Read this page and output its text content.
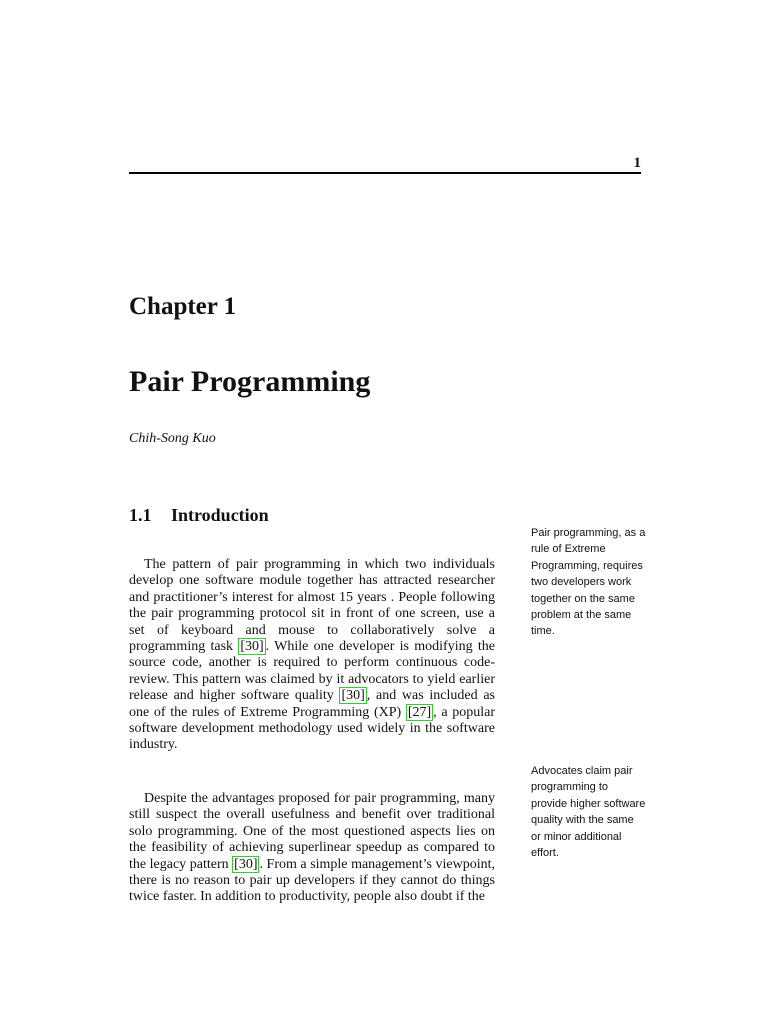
1
Chapter 1
Pair Programming
Chih-Song Kuo
1.1 Introduction

The pattern of pair programming in which two individuals develop one software module together has attracted researcher and practitioner’s interest for almost 15 years . People following the pair programming protocol sit in front of one screen, use a set of keyboard and mouse to collaboratively solve a programming task [30] . While one developer is modifying the source code, another is required to perform continuous code-review. This pattern was claimed by it advocators to yield earlier release and higher software quality [30] , and was included as one of the rules of Extreme Programming (XP) [27] , a popular software development methodology used widely in the software industry.

Despite the advantages proposed for pair programming, many still suspect the overall usefulness and benefit over traditional solo programming. One of the most questioned aspects lies on the feasibility of achieving superlinear speedup as compared to the legacy pattern [30] . From a simple management’s viewpoint, there is no reason to pair up developers if they cannot do things twice faster. In addition to productivity, people also doubt if the

Pair programming, as a rule of Extreme Programming, requires two developers work together on the same problem at the same time.

Advocates claim pair programming to provide higher software quality with the same or minor additional effort.
